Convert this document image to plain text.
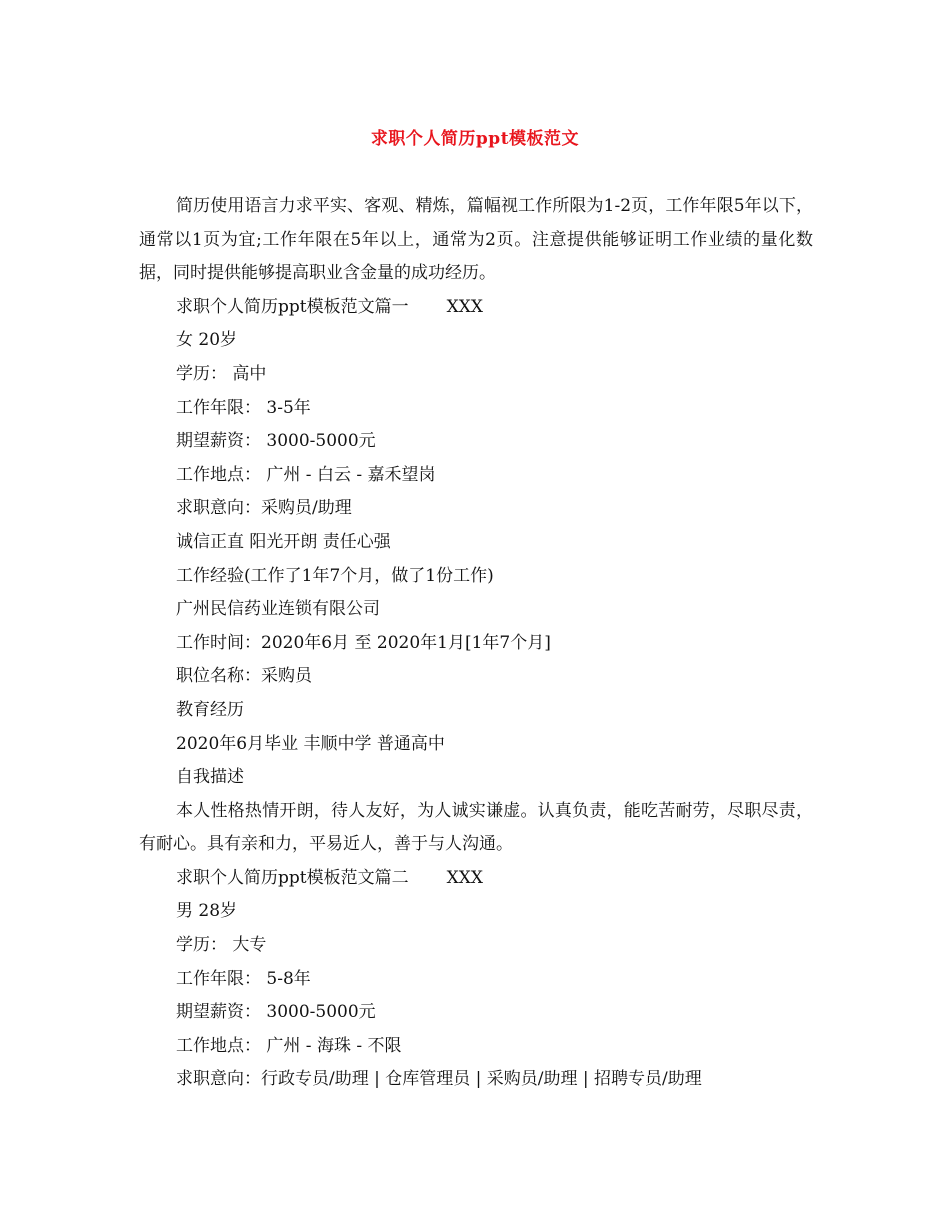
求职个人简历ppt模板范文

简历使用语言力求平实、客观、精炼，篇幅视工作所限为1-2页，工作年限5年以下，通常以1页为宜;工作年限在5年以上，通常为2页。注意提供能够证明工作业绩的量化数据，同时提供能够提高职业含金量的成功经历。

求职个人简历ppt模板范文篇一 XXX

女 20岁

学历： 高中

工作年限： 3-5年

期望薪资： 3000-5000元

工作地点： 广州 - 白云 - 嘉禾望岗

求职意向：采购员/助理

诚信正直 阳光开朗 责任心强

工作经验(工作了1年7个月，做了1份工作)

广州民信药业连锁有限公司

工作时间：2020年6月 至 2020年1月[1年7个月]

职位名称：采购员

教育经历

2020年6月毕业 丰顺中学 普通高中

自我描述

本人性格热情开朗，待人友好，为人诚实谦虚。认真负责，能吃苦耐劳，尽职尽责，有耐心。具有亲和力，平易近人，善于与人沟通。

求职个人简历ppt模板范文篇二 XXX

男 28岁

学历： 大专

工作年限： 5-8年

期望薪资： 3000-5000元

工作地点： 广州 - 海珠 - 不限

求职意向：行政专员/助理 | 仓库管理员 | 采购员/助理 | 招聘专员/助理
